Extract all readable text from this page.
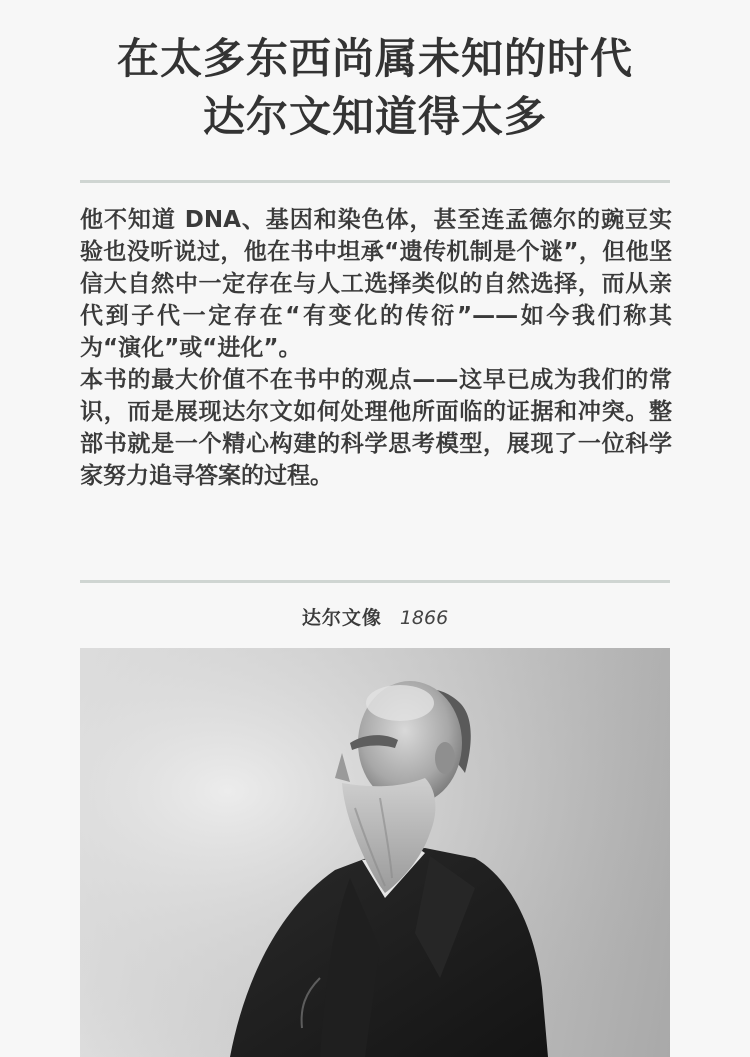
在太多东西尚属未知的时代
达尔文知道得太多

他不知道 DNA、基因和染色体，甚至连孟德尔的豌豆实验也没听说过，他在书中坦承“遗传机制是个谜”，但他坚信大自然中一定存在与人工选择类似的自然选择，而从亲代到子代一定存在“有变化的传衍”——如今我们称其为“演化”或“进化”。

本书的最大价值不在书中的观点——这早已成为我们的常识，而是展现达尔文如何处理他所面临的证据和冲突。整部书就是一个精心构建的科学思考模型，展现了一位科学家努力追寻答案的过程。

达尔文像 1866
